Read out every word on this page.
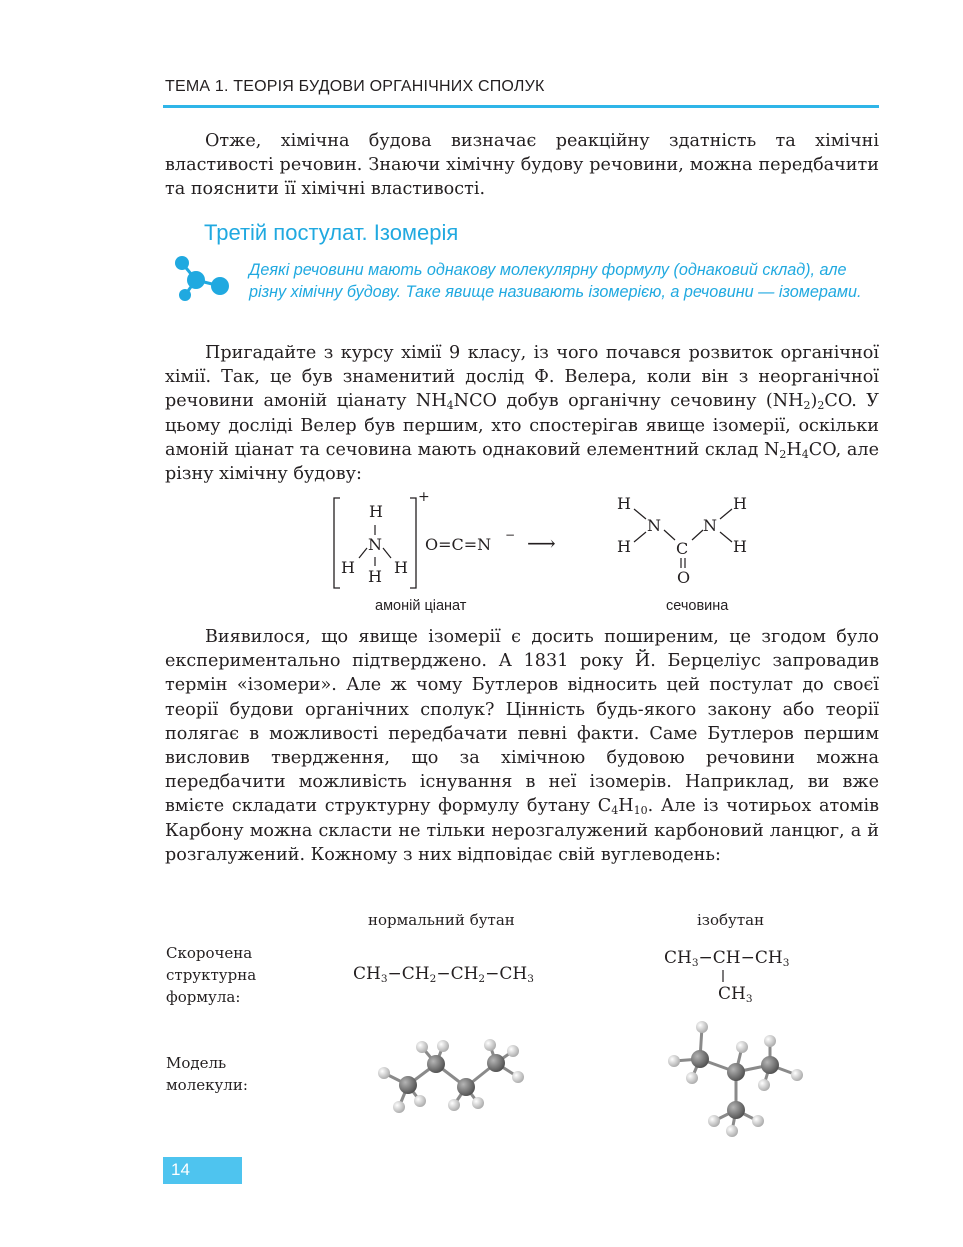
ТЕМА 1. ТЕОРІЯ БУДОВИ ОРГАНІЧНИХ СПОЛУК

Отже, хімічна будова визначає реакційну здатність та хімічні властивості речовин. Знаючи хімічну будову речовини, можна передбачити та пояснити її хімічні властивості.

Третій постулат. Ізомерія

Деякі речовини мають однакову молекулярну формулу (однаковий склад), але різну хімічну будову. Таке явище називають ізомерією, а речовини — ізомерами.

Пригадайте з курсу хімії 9 класу, із чого почався розвиток органічної хімії. Так, це був знаменитий дослід Ф. Велера, коли він з неорганічної речовини амоній ціанату $NH_4NCO$ добув органічну сечовину $(NH_2)_2CO$. У цьому досліді Велер був першим, хто спостерігав явище ізомерії, оскільки амоній ціанат та сечовина мають однаковий елементний склад $N_2H_4CO$, але різну хімічну будову:

H
N
H H H
+
O=C=N − ⟶
H
H
N
C
N
H
H
O
амоній ціанат	сечовина

Виявилося, що явище ізомерії є досить поширеним, це згодом було експериментально підтверджено. А 1831 року Й. Берцеліус запровадив термін «ізомери». Але ж чому Бутлеров відносить цей постулат до своєї теорії будови органічних сполук? Цінність будь-якого закону або теорії полягає в можливості передбачати певні факти. Саме Бутлеров першим висловив твердження, що за хімічною будовою речовини можна передбачити можливість існування в неї ізомерів. Наприклад, ви вже вмієте складати структурну формулу бутану $C_4H_{10}$. Але із чотирьох атомів Карбону можна скласти не тільки нерозгалужений карбоновий ланцюг, а й розгалужений. Кожному з них відповідає свій вуглеводень:

нормальний бутан	ізобутан
Скорочена
структурна
формула:
Модель
молекули:
$CH_3-CH_2-CH_2-CH_3$
$CH_3-CH-CH_3$
$CH_3$
14
